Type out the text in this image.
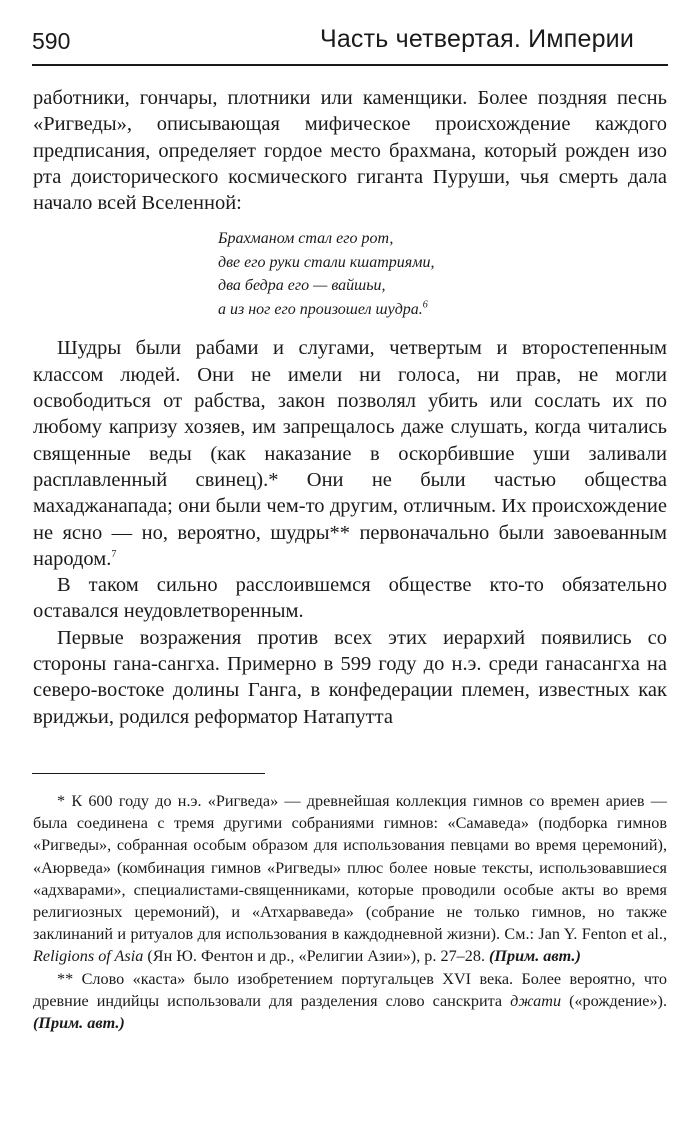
590	Часть четвертая. Империи

работники, гончары, плотники или каменщики. Более поздняя песнь «Ригведы», описывающая мифическое происхождение каждого предписания, определяет гордое место брахмана, который рожден изо рта доисторического космического гиганта Пуруши, чья смерть дала начало всей Вселенной:

Брахманом стал его рот,
две его руки стали кшатриями,
два бедра его — вайшьи,
а из ног его произошел шудра.$^6$

Шудры были рабами и слугами, четвертым и второстепенным классом людей. Они не имели ни голоса, ни прав, не могли освободиться от рабства, закон позволял убить или сослать их по любому капризу хозяев, им запрещалось даже слушать, когда читались священные веды (как наказание в оскорбившие уши заливали расплавленный свинец).* Они не были частью общества махаджанапада; они были чем-то другим, отличным. Их происхождение не ясно — но, вероятно, шудры** первоначально были завоеванным народом.$^7$

В таком сильно расслоившемся обществе кто-то обязательно оставался неудовлетворенным.

Первые возражения против всех этих иерархий появились со стороны гана-сангха. Примерно в 599 году до н.э. среди ганасангха на северо-востоке долины Ганга, в конфедерации племен, известных как вриджьи, родился реформатор Натапутта

* К 600 году до н.э. «Ригведа» — древнейшая коллекция гимнов со времен ариев — была соединена с тремя другими собраниями гимнов: «Самаведа» (подборка гимнов «Ригведы», собранная особым образом для использования певцами во время церемоний), «Аюрведа» (комбинация гимнов «Ригведы» плюс более новые тексты, использовавшиеся «адхварами», специалистами-священниками, которые проводили особые акты во время религиозных церемоний), и «Атхарваведа» (собрание не только гимнов, но также заклинаний и ритуалов для использования в каждодневной жизни). См.: Jan Y. Fenton et al., Religions of Asia (Ян Ю. Фентон и др., «Религии Азии»), p. 27–28. (Прим. авт.)

** Слово «каста» было изобретением португальцев XVI века. Более вероятно, что древние индийцы использовали для разделения слово санскрита джати («рождение»). (Прим. авт.)
